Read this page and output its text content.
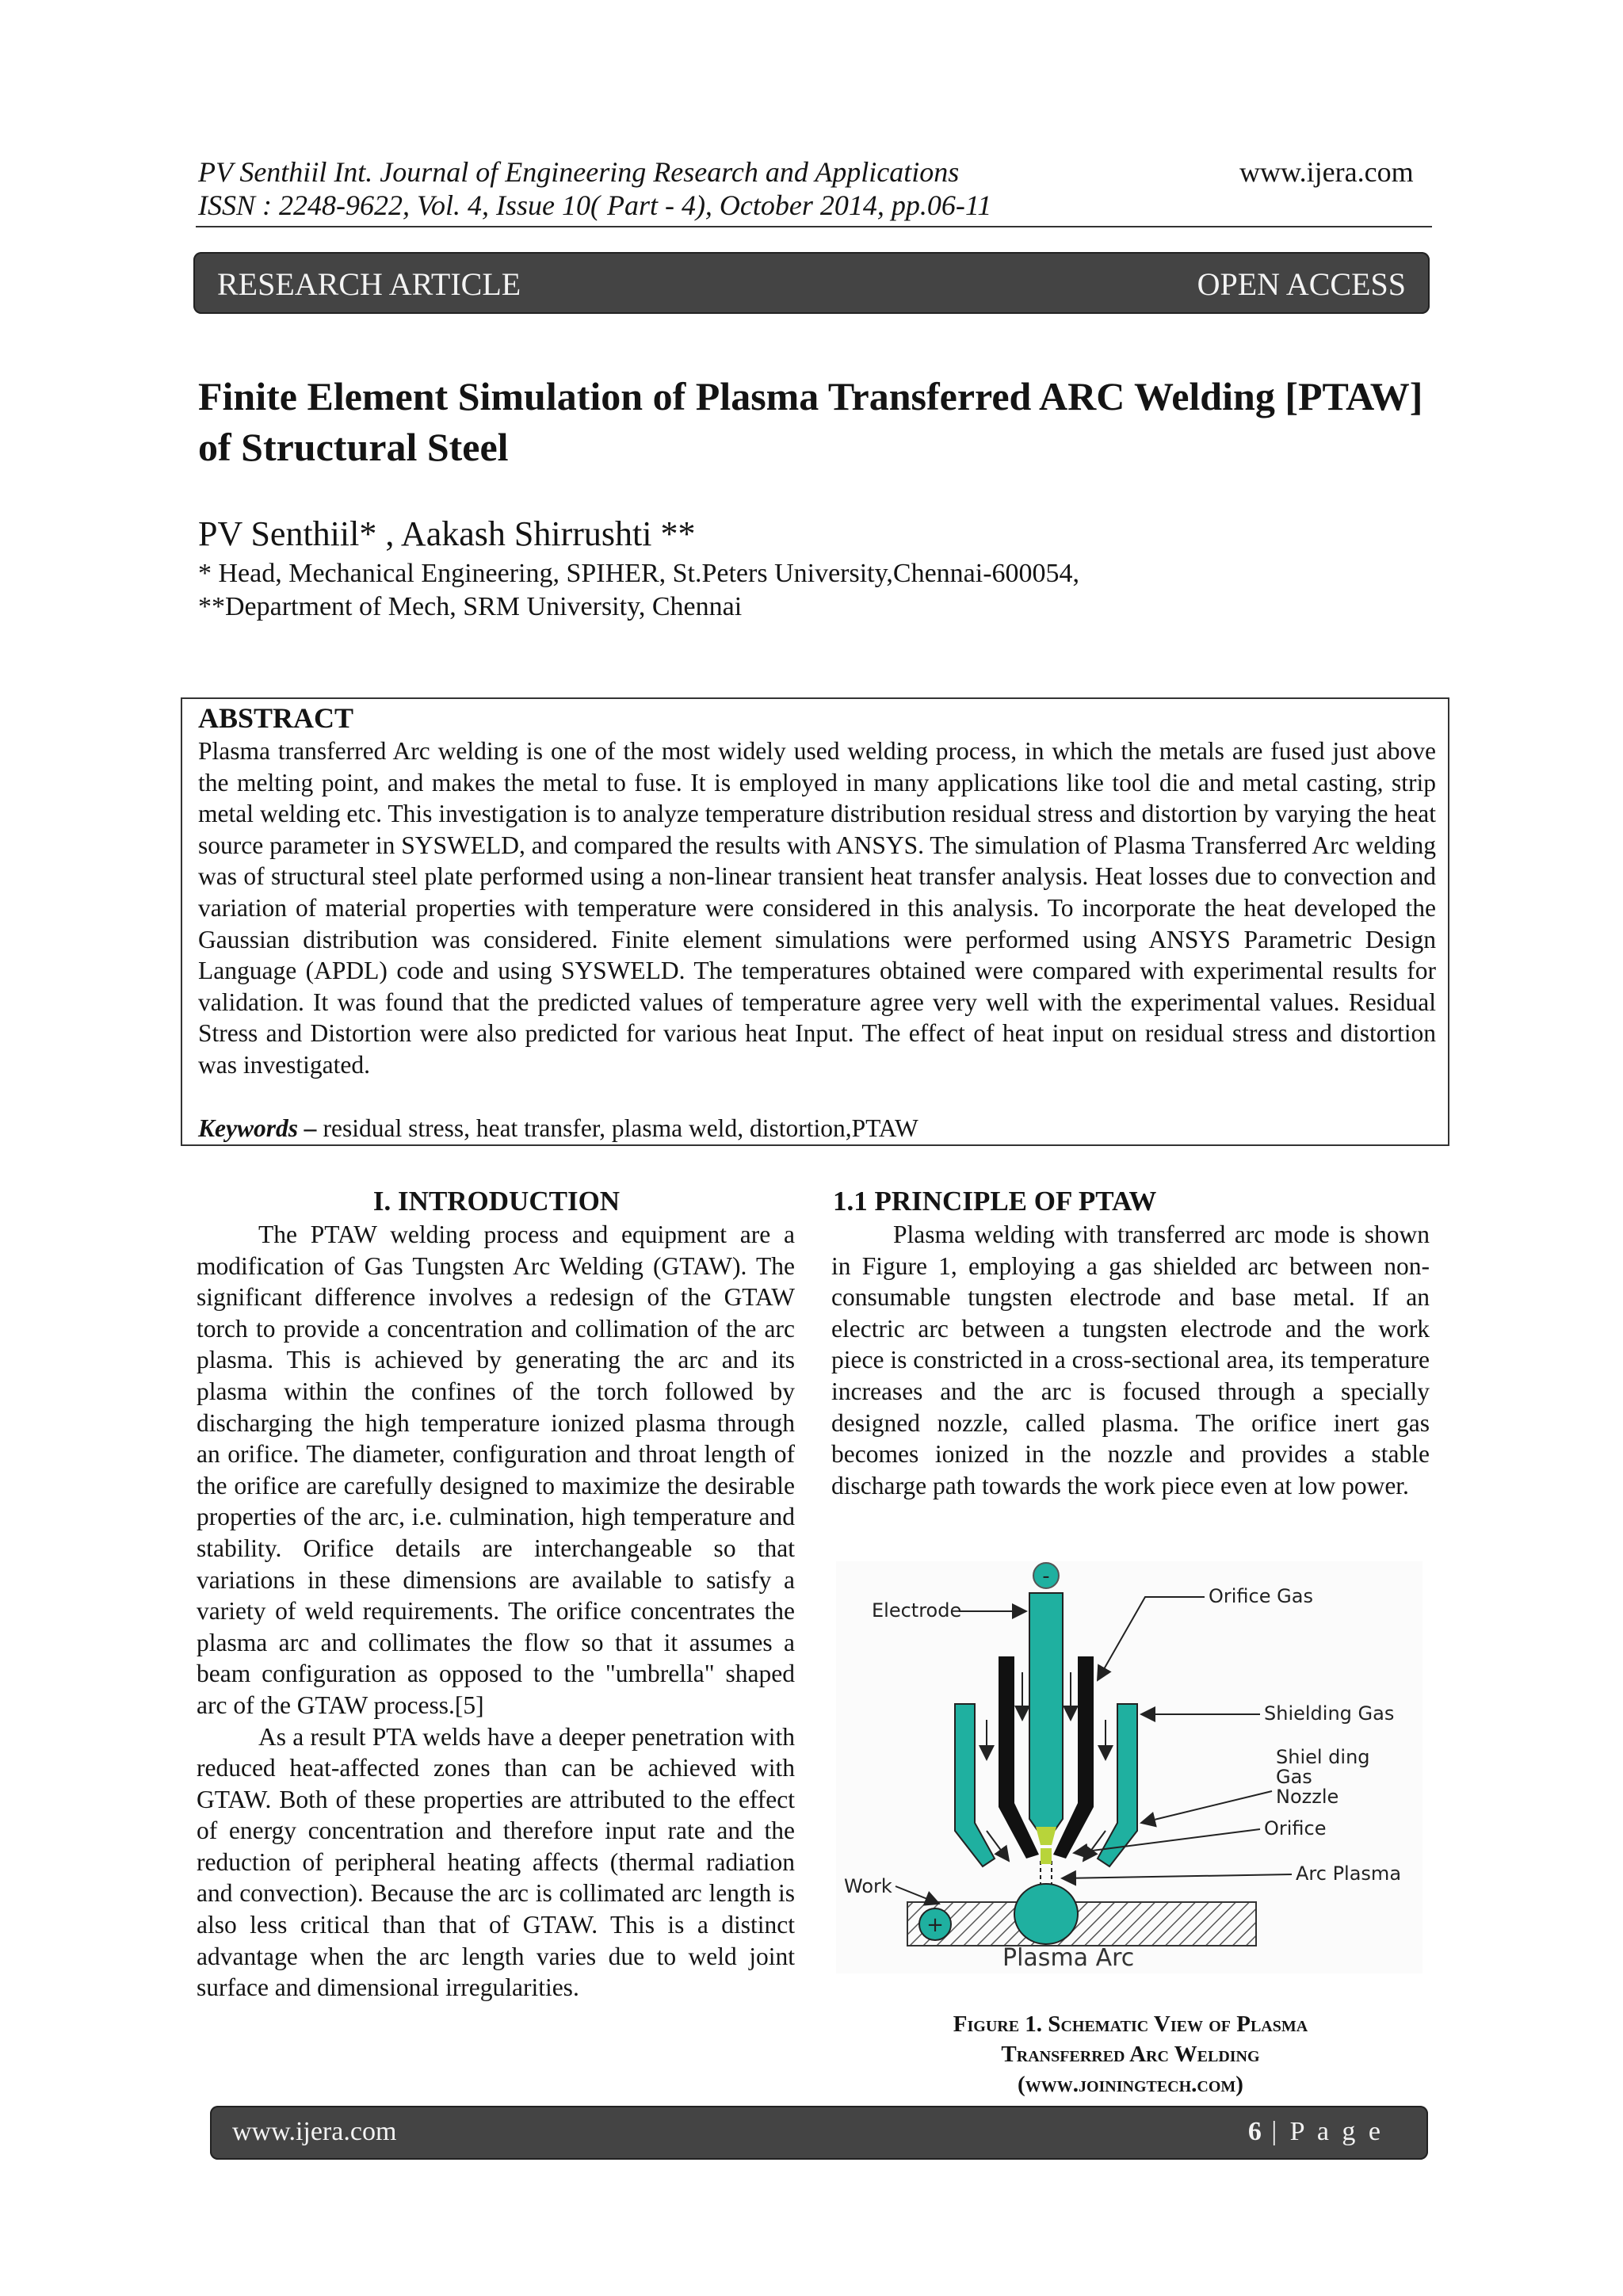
PV Senthiil Int. Journal of Engineering Research and Applications	www.ijera.com
ISSN : 2248-9622, Vol. 4, Issue 10( Part - 4), October 2014, pp.06-11
RESEARCH ARTICLE	OPEN ACCESS
Finite Element Simulation of Plasma Transferred ARC Welding [PTAW] of Structural Steel
PV Senthiil* , Aakash Shirrushti **
* Head, Mechanical Engineering, SPIHER, St.Peters University,Chennai-600054,
**Department of Mech, SRM University, Chennai
ABSTRACT
Plasma transferred Arc welding is one of the most widely used welding process, in which the metals are fused just above the melting point, and makes the metal to fuse. It is employed in many applications like tool die and metal casting, strip metal welding etc. This investigation is to analyze temperature distribution residual stress and distortion by varying the heat source parameter in SYSWELD, and compared the results with ANSYS. The simulation of Plasma Transferred Arc welding was of structural steel plate performed using a non-linear transient heat transfer analysis. Heat losses due to convection and variation of material properties with temperature were considered in this analysis. To incorporate the heat developed the Gaussian distribution was considered. Finite element simulations were performed using ANSYS Parametric Design Language (APDL) code and using SYSWELD. The temperatures obtained were compared with experimental results for validation. It was found that the predicted values of temperature agree very well with the experimental values. Residual Stress and Distortion were also predicted for various heat Input. The effect of heat input on residual stress and distortion was investigated.
Keywords – residual stress, heat transfer, plasma weld, distortion,PTAW
I. INTRODUCTION

The PTAW welding process and equipment are a modification of Gas Tungsten Arc Welding (GTAW). The significant difference involves a redesign of the GTAW torch to provide a concentration and collimation of the arc plasma. This is achieved by generating the arc and its plasma within the confines of the torch followed by discharging the high temperature ionized plasma through an orifice. The diameter, configuration and throat length of the orifice are carefully designed to maximize the desirable properties of the arc, i.e. culmination, high temperature and stability. Orifice details are interchangeable so that variations in these dimensions are available to satisfy a variety of weld requirements. The orifice concentrates the plasma arc and collimates the flow so that it assumes a beam configuration as opposed to the "umbrella" shaped arc of the GTAW process.[5]

As a result PTA welds have a deeper penetration with reduced heat-affected zones than can be achieved with GTAW. Both of these properties are attributed to the effect of energy concentration and therefore input rate and the reduction of peripheral heating affects (thermal radiation and convection). Because the arc is collimated arc length is also less critical than that of GTAW. This is a distinct advantage when the arc length varies due to weld joint surface and dimensional irregularities.

1.1 PRINCIPLE OF PTAW

Plasma welding with transferred arc mode is shown in Figure 1, employing a gas shielded arc between non-consumable tungsten electrode and base metal. If an electric arc between a tungsten electrode and the work piece is constricted in a cross-sectional area, its temperature increases and the arc is focused through a specially designed nozzle, called plasma. The orifice inert gas becomes ionized in the nozzle and provides a stable discharge path towards the work piece even at low power.

-
+
Electrode
Orifice Gas
Shielding Gas
Shiel ding
Gas
Nozzle
Orifice
Arc Plasma
Work
Plasma Arc
Figure 1. Schematic View of Plasma
Transferred Arc Welding
(www.joiningtech.com)
www.ijera.com	6 | P a g e
